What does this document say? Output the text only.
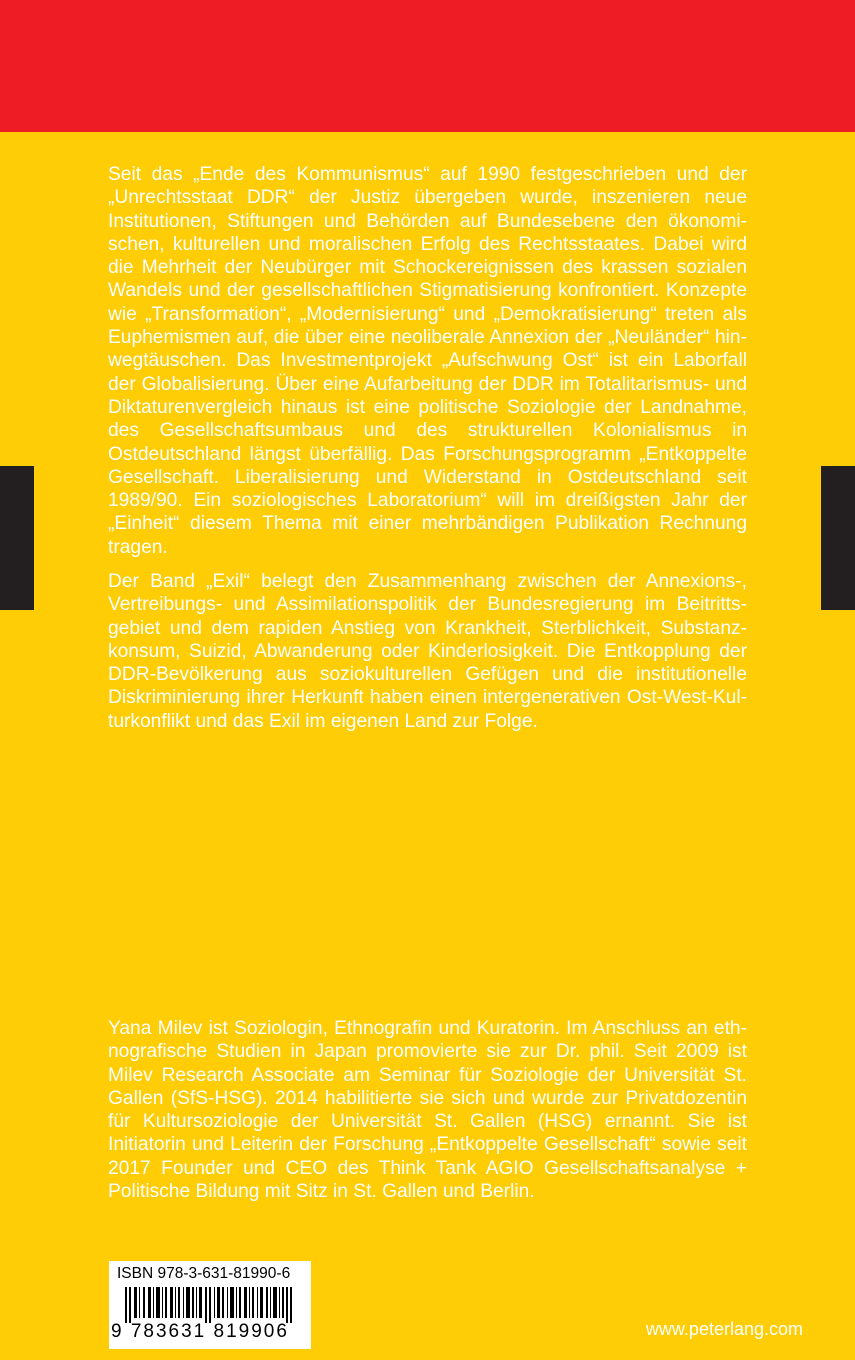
Seit das „Ende des Kommunismus“ auf 1990 festgeschrieben und der „Unrechtsstaat DDR“ der Justiz übergeben wurde, inszenieren neue Institutionen, Stiftungen und Behörden auf Bundesebene den ökonomischen, kulturellen und moralischen Erfolg des Rechtsstaates. Dabei wird die Mehrheit der Neubürger mit Schockereignissen des krassen sozialen Wandels und der gesellschaftlichen Stigmatisierung konfrontiert. Konzepte wie „Transformation“, „Modernisierung“ und „Demokratisierung“ treten als Euphemismen auf, die über eine neoliberale Annexion der „Neuländer“ hinwegtäuschen. Das Investmentprojekt „Aufschwung Ost“ ist ein Laborfall der Globalisierung. Über eine Aufarbeitung der DDR im Totalitarismus- und Diktaturenvergleich hinaus ist eine politische Soziologie der Landnahme, des Gesellschaftsumbaus und des strukturellen Kolonialismus in Ostdeutschland längst überfällig. Das Forschungsprogramm „Entkoppelte Gesellschaft. Liberalisierung und Widerstand in Ostdeutschland seit 1989/90. Ein soziologisches Laboratorium“ will im dreißigsten Jahr der „Einheit“ diesem Thema mit einer mehrbändigen Publikation Rechnung tragen.

Der Band „Exil“ belegt den Zusammenhang zwischen der Annexions-, Vertreibungs- und Assimilationspolitik der Bundesregierung im Beitrittsgebiet und dem rapiden Anstieg von Krankheit, Sterblichkeit, Substanzkonsum, Suizid, Abwanderung oder Kinderlosigkeit. Die Entkopplung der DDR-Bevölkerung aus soziokulturellen Gefügen und die institutionelle Diskriminierung ihrer Herkunft haben einen intergenerativen Ost-West-Kulturkonflikt und das Exil im eigenen Land zur Folge.

Yana Milev ist Soziologin, Ethnografin und Kuratorin. Im Anschluss an ethnografische Studien in Japan promovierte sie zur Dr. phil. Seit 2009 ist Milev Research Associate am Seminar für Soziologie der Universität St. Gallen (SfS-HSG). 2014 habilitierte sie sich und wurde zur Privatdozentin für Kultursoziologie der Universität St. Gallen (HSG) ernannt. Sie ist Initiatorin und Leiterin der Forschung „Entkoppelte Gesellschaft“ sowie seit 2017 Founder und CEO des Think Tank AGIO Gesellschaftsanalyse + Politische Bildung mit Sitz in St. Gallen und Berlin.

ISBN 978-3-631-81990-6
9 783631 819906	www.peterlang.com
